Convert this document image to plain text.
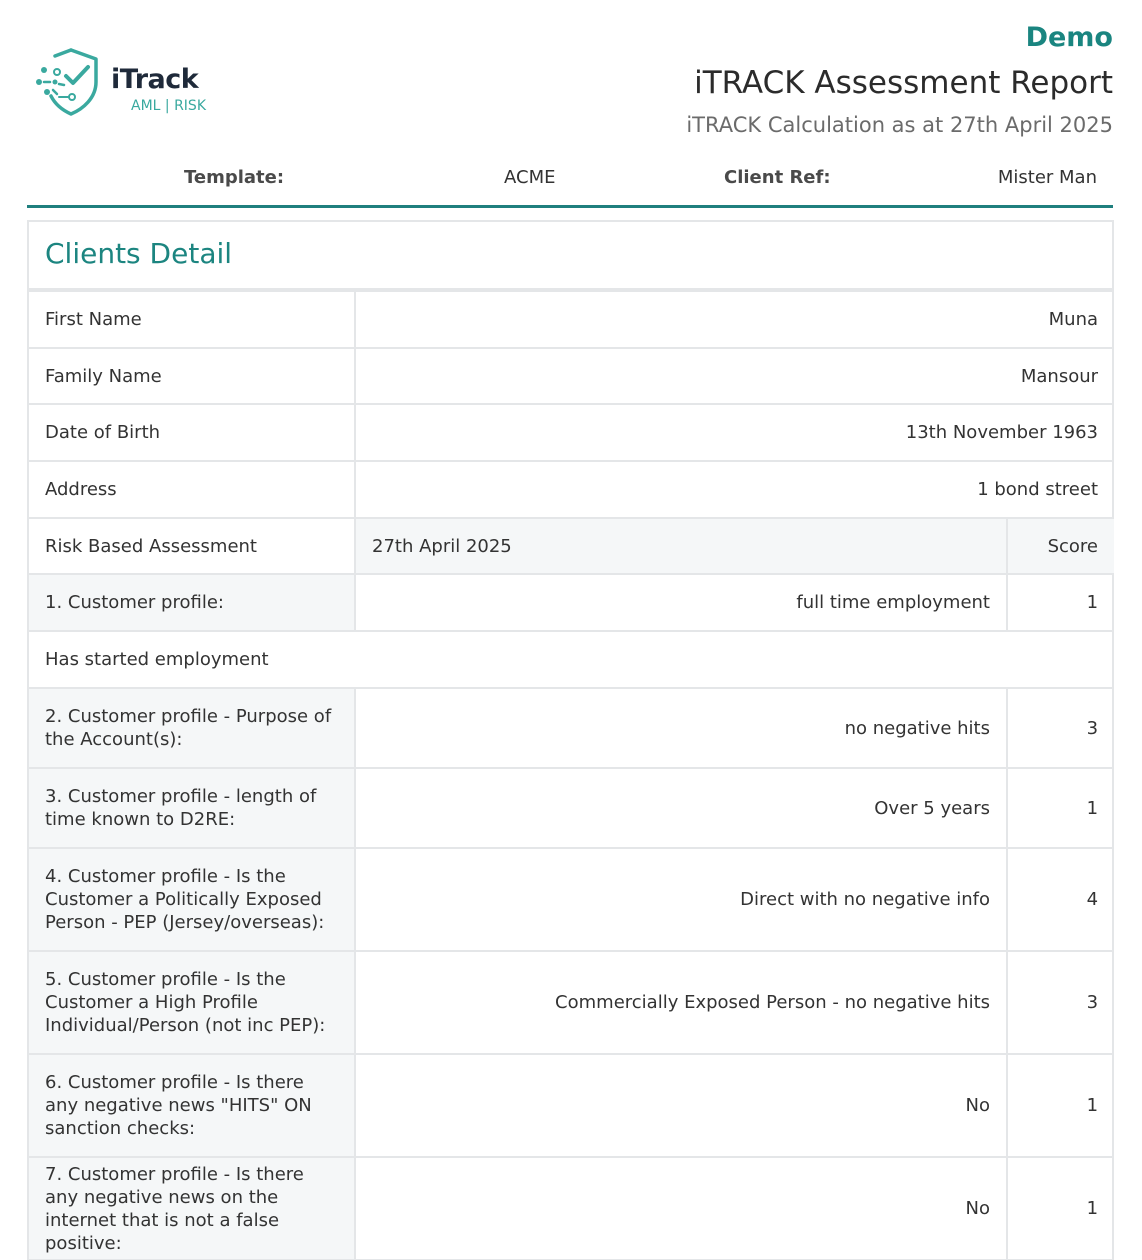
iTrack
AML | RISK
Demo
iTRACK Assessment Report
iTRACK Calculation as at 27th April 2025
Template:	ACME	Client Ref:	Mister Man
Clients Detail
First Name	Muna	
Family Name	Mansour	
Date of Birth	13th November 1963	
Address	1 bond street	
Risk Based Assessment	27th April 2025	Score
1. Customer profile:	full time employment	1
Has started employment		
2. Customer profile - Purpose of the Account(s):	no negative hits	3
3. Customer profile - length of time known to D2RE:	Over 5 years	1
4. Customer profile - Is the Customer a Politically Exposed Person - PEP (Jersey/overseas):	Direct with no negative info	4
5. Customer profile - Is the Customer a High Profile Individual/Person (not inc PEP):	Commercially Exposed Person - no negative hits	3
6. Customer profile - Is there any negative news "HITS" ON sanction checks:	No	1
7. Customer profile - Is there any negative news on the internet that is not a false positive:	No	1
